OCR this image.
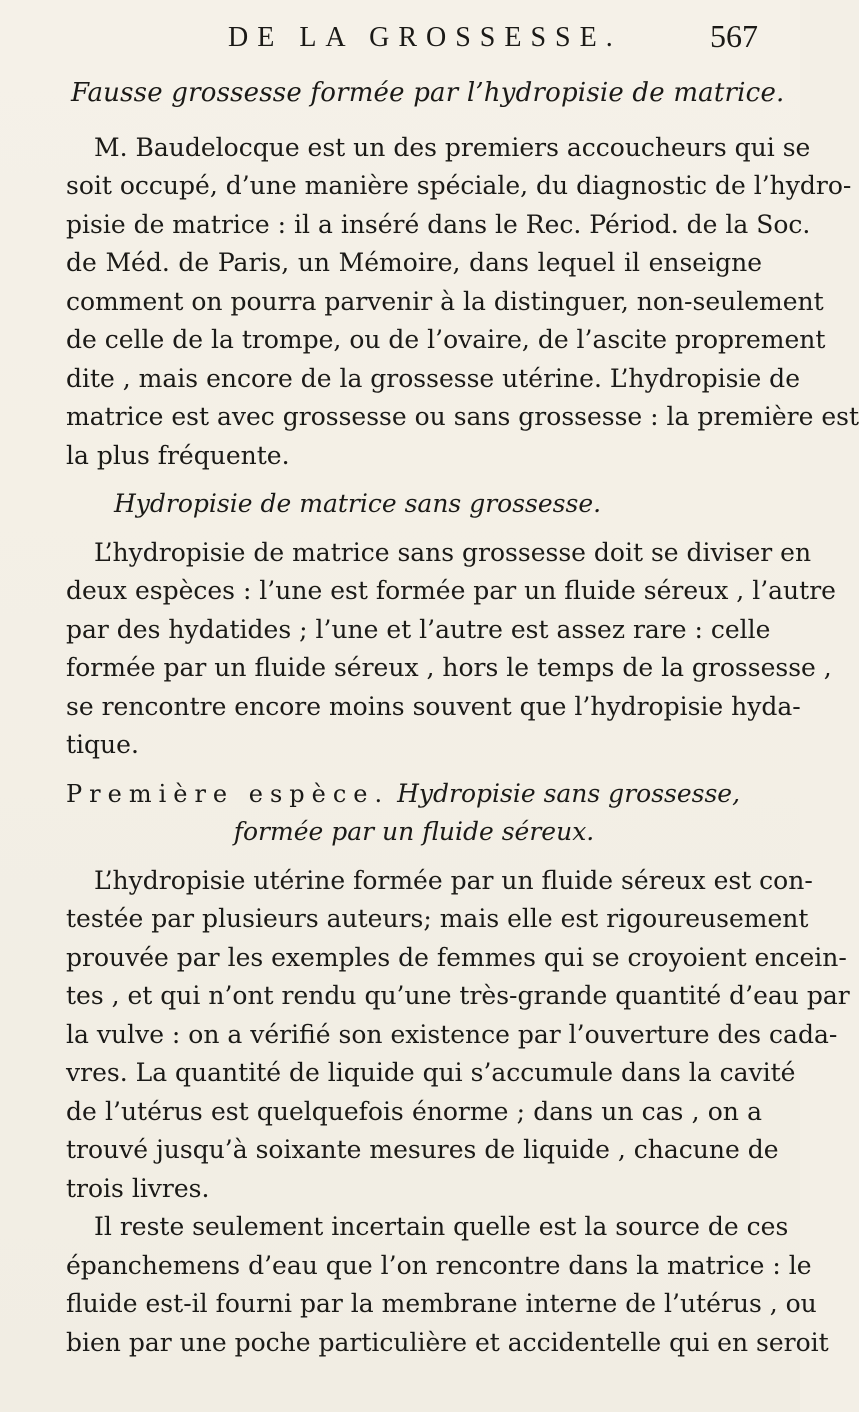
DE LA GROSSESSE.	567

Fausse grossesse formée par l’hydropisie de matrice.

M. Baudelocque est un des premiers accoucheurs qui se

soit occupé, d’une manière spéciale, du diagnostic de l’hydro-

pisie de matrice : il a inséré dans le Rec. Périod. de la Soc.

de Méd. de Paris, un Mémoire, dans lequel il enseigne

comment on pourra parvenir à la distinguer, non-seulement

de celle de la trompe, ou de l’ovaire, de l’ascite proprement

dite , mais encore de la grossesse utérine. L’hydropisie de

matrice est avec grossesse ou sans grossesse : la première est

la plus fréquente.

Hydropisie de matrice sans grossesse.

L’hydropisie de matrice sans grossesse doit se diviser en

deux espèces : l’une est formée par un fluide séreux , l’autre

par des hydatides ; l’une et l’autre est assez rare : celle

formée par un fluide séreux , hors le temps de la grossesse ,

se rencontre encore moins souvent que l’hydropisie hyda-

tique.

Première espèce. Hydropisie sans grossesse,

formée par un fluide séreux.

L’hydropisie utérine formée par un fluide séreux est con-

testée par plusieurs auteurs; mais elle est rigoureusement

prouvée par les exemples de femmes qui se croyoient encein-

tes , et qui n’ont rendu qu’une très-grande quantité d’eau par

la vulve : on a vérifié son existence par l’ouverture des cada-

vres. La quantité de liquide qui s’accumule dans la cavité

de l’utérus est quelquefois énorme ; dans un cas , on a

trouvé jusqu’à soixante mesures de liquide , chacune de

trois livres.

Il reste seulement incertain quelle est la source de ces

épanchemens d’eau que l’on rencontre dans la matrice : le

fluide est-il fourni par la membrane interne de l’utérus , ou

bien par une poche particulière et accidentelle qui en seroit
